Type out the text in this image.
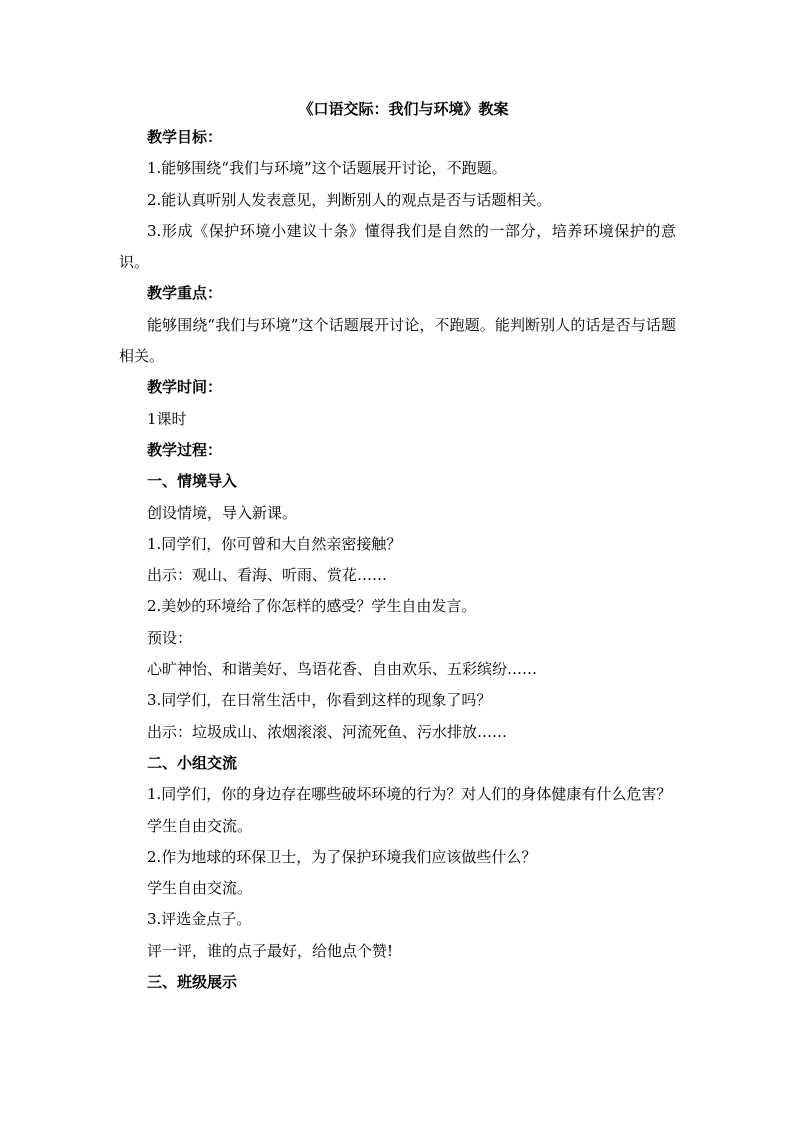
《口语交际：我们与环境》教案

教学目标：

1.能够围绕“我们与环境”这个话题展开讨论，不跑题。

2.能认真听别人发表意见，判断别人的观点是否与话题相关。

3.形成《保护环境小建议十条》懂得我们是自然的一部分，培养环境保护的意识。

教学重点：

能够围绕“我们与环境”这个话题展开讨论，不跑题。能判断别人的话是否与话题相关。

教学时间：

1课时

教学过程：

一、情境导入

创设情境，导入新课。

1.同学们，你可曾和大自然亲密接触？

出示：观山、看海、听雨、赏花……

2.美妙的环境给了你怎样的感受？学生自由发言。

预设：

心旷神怡、和谐美好、鸟语花香、自由欢乐、五彩缤纷……

3.同学们，在日常生活中，你看到这样的现象了吗？

出示：垃圾成山、浓烟滚滚、河流死鱼、污水排放……

二、小组交流

1.同学们，你的身边存在哪些破坏环境的行为？对人们的身体健康有什么危害？

学生自由交流。

2.作为地球的环保卫士，为了保护环境我们应该做些什么？

学生自由交流。

3.评选金点子。

评一评，谁的点子最好，给他点个赞!

三、班级展示
